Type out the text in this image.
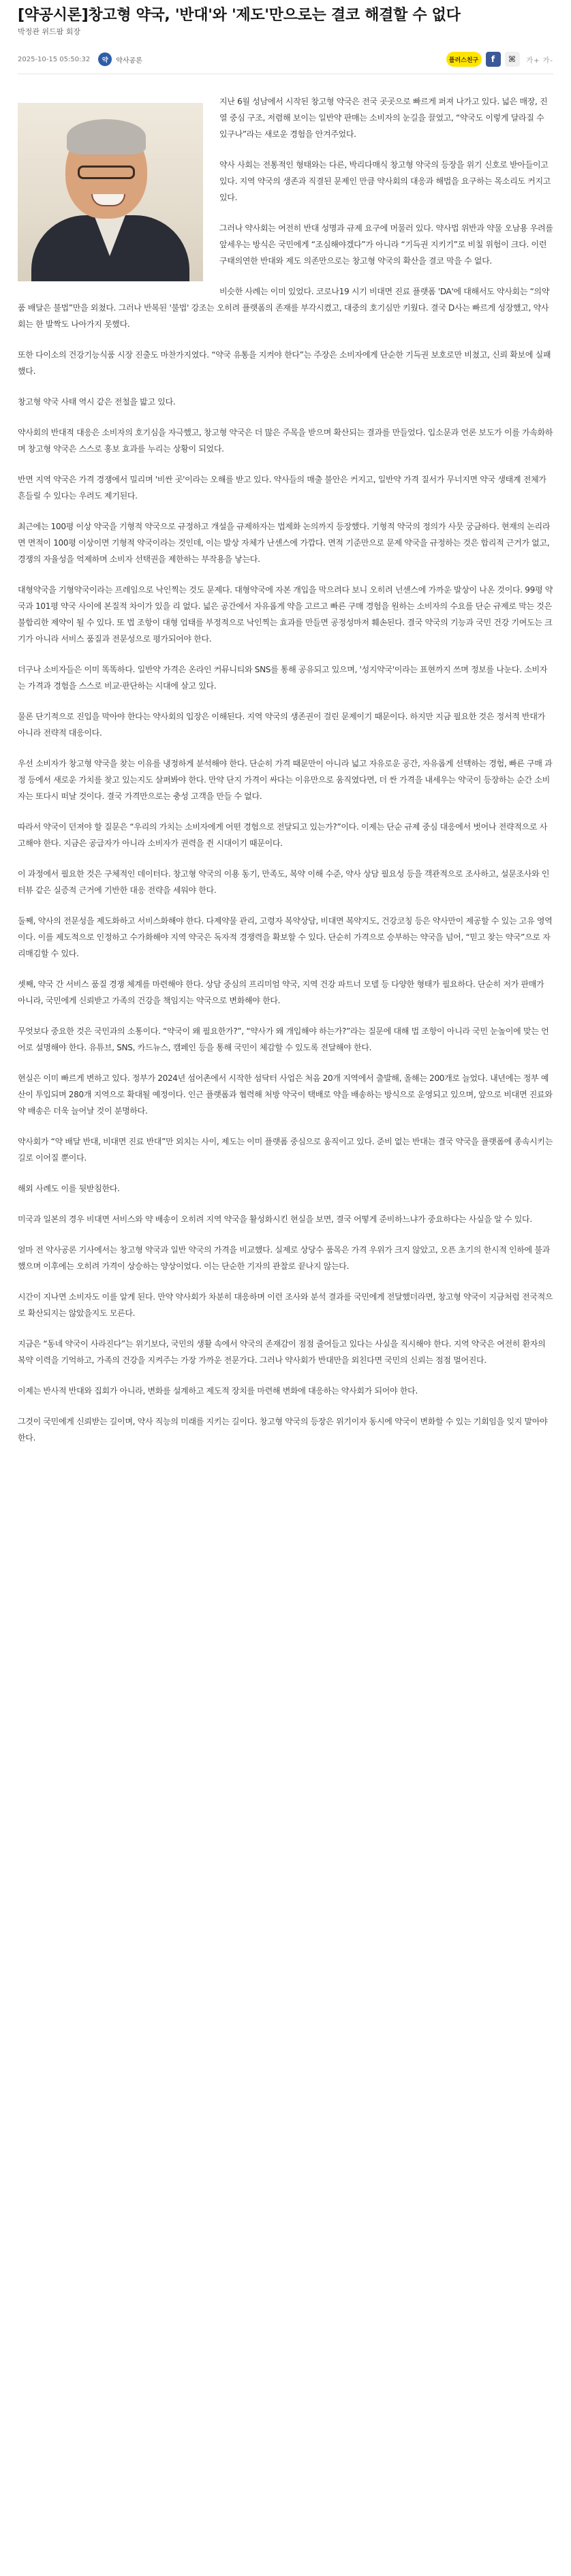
[약공시론]창고형 약국, '반대'와 '제도'만으로는 결코 해결할 수 없다
박정관 위드팜 회장
2025-10-15 05:50:32	약	약사공론	플러스친구	f	⌘	가+ 가-

지난 6월 성남에서 시작된 창고형 약국은 전국 곳곳으로 빠르게 퍼져 나가고 있다. 넓은 매장, 진열 중심 구조, 저렴해 보이는 일반약 판매는 소비자의 눈길을 끌었고, “약국도 이렇게 달라질 수 있구나”라는 새로운 경험을 안겨주었다.

약사 사회는 전통적인 형태와는 다른, 박리다매식 창고형 약국의 등장을 위기 신호로 받아들이고 있다. 지역 약국의 생존과 직결된 문제인 만큼 약사회의 대응과 해법을 요구하는 목소리도 커지고 있다.

그러나 약사회는 여전히 반대 성명과 규제 요구에 머물러 있다. 약사법 위반과 약물 오남용 우려를 앞세우는 방식은 국민에게 “조심해야겠다”가 아니라 “기득권 지키기”로 비칠 위험이 크다. 이런 구태의연한 반대와 제도 의존만으로는 창고형 약국의 확산을 결코 막을 수 없다.

비슷한 사례는 이미 있었다. 코로나19 시기 비대면 진료 플랫폼 'DA'에 대해서도 약사회는 “의약품 배달은 불법”만을 외쳤다. 그러나 반복된 '불법' 강조는 오히려 플랫폼의 존재를 부각시켰고, 대중의 호기심만 키웠다. 결국 D사는 빠르게 성장했고, 약사회는 한 발짝도 나아가지 못했다.

또한 다이소의 건강기능식품 시장 진출도 마찬가지였다. “약국 유통을 지켜야 한다”는 주장은 소비자에게 단순한 기득권 보호로만 비쳤고, 신뢰 확보에 실패했다.

창고형 약국 사태 역시 같은 전철을 밟고 있다.

약사회의 반대적 대응은 소비자의 호기심을 자극했고, 창고형 약국은 더 많은 주목을 받으며 확산되는 결과를 만들었다. 입소문과 언론 보도가 이를 가속화하며 창고형 약국은 스스로 홍보 효과를 누리는 상황이 되었다.

반면 지역 약국은 가격 경쟁에서 밀리며 '비싼 곳'이라는 오해를 받고 있다. 약사들의 매출 불안은 커지고, 일반약 가격 질서가 무너지면 약국 생태계 전체가 흔들릴 수 있다는 우려도 제기된다.

최근에는 100평 이상 약국을 기형적 약국으로 규정하고 개설을 규제하자는 법제화 논의까지 등장했다. 기형적 약국의 정의가 사뭇 궁금하다. 현재의 논리라면 면적이 100평 이상이면 기형적 약국이라는 것인데, 이는 발상 자체가 난센스에 가깝다. 면적 기준만으로 문제 약국을 규정하는 것은 합리적 근거가 없고, 경쟁의 자율성을 억제하며 소비자 선택권을 제한하는 부작용을 낳는다.

대형약국을 기형약국이라는 프레임으로 낙인찍는 것도 문제다. 대형약국에 자본 개입을 막으려다 보니 오히려 넌센스에 가까운 발상이 나온 것이다. 99평 약국과 101평 약국 사이에 본질적 차이가 있을 리 없다. 넓은 공간에서 자유롭게 약을 고르고 빠른 구매 경험을 원하는 소비자의 수요를 단순 규제로 막는 것은 불합리한 제약이 될 수 있다. 또 법 조항이 대형 업태를 부정적으로 낙인찍는 효과를 만들면 공정성마저 훼손된다. 결국 약국의 기능과 국민 건강 기여도는 크기가 아니라 서비스 품질과 전문성으로 평가되어야 한다.

더구나 소비자들은 이미 똑똑하다. 일반약 가격은 온라인 커뮤니티와 SNS를 통해 공유되고 있으며, '성지약국'이라는 표현까지 쓰며 정보를 나눈다. 소비자는 가격과 경험을 스스로 비교·판단하는 시대에 살고 있다.

물론 단기적으로 진입을 막아야 한다는 약사회의 입장은 이해된다. 지역 약국의 생존권이 걸린 문제이기 때문이다. 하지만 지금 필요한 것은 정서적 반대가 아니라 전략적 대응이다.

우선 소비자가 창고형 약국을 찾는 이유를 냉정하게 분석해야 한다. 단순히 가격 때문만이 아니라 넓고 자유로운 공간, 자유롭게 선택하는 경험, 빠른 구매 과정 등에서 새로운 가치를 찾고 있는지도 살펴봐야 한다. 만약 단지 가격이 싸다는 이유만으로 움직였다면, 더 싼 가격을 내세우는 약국이 등장하는 순간 소비자는 또다시 떠날 것이다. 결국 가격만으로는 충성 고객을 만들 수 없다.

따라서 약국이 던져야 할 질문은 “우리의 가치는 소비자에게 어떤 경험으로 전달되고 있는가?”이다. 이제는 단순 규제 중심 대응에서 벗어나 전략적으로 사고해야 한다. 지금은 공급자가 아니라 소비자가 권력을 쥔 시대이기 때문이다.

이 과정에서 필요한 것은 구체적인 데이터다. 창고형 약국의 이용 동기, 만족도, 복약 이해 수준, 약사 상담 필요성 등을 객관적으로 조사하고, 설문조사와 인터뷰 같은 실증적 근거에 기반한 대응 전략을 세워야 한다.

둘째, 약사의 전문성을 제도화하고 서비스화해야 한다. 다제약물 관리, 고령자 복약상담, 비대면 복약지도, 건강코칭 등은 약사만이 제공할 수 있는 고유 영역이다. 이를 제도적으로 인정하고 수가화해야 지역 약국은 독자적 경쟁력을 확보할 수 있다. 단순히 가격으로 승부하는 약국을 넘어, “믿고 찾는 약국”으로 자리매김할 수 있다.

셋째, 약국 간 서비스 품질 경쟁 체계를 마련해야 한다. 상담 중심의 프리미엄 약국, 지역 건강 파트너 모델 등 다양한 형태가 필요하다. 단순히 저가 판매가 아니라, 국민에게 신뢰받고 가족의 건강을 책임지는 약국으로 변화해야 한다.

무엇보다 중요한 것은 국민과의 소통이다. “약국이 왜 필요한가?”, “약사가 왜 개입해야 하는가?”라는 질문에 대해 법 조항이 아니라 국민 눈높이에 맞는 언어로 설명해야 한다. 유튜브, SNS, 카드뉴스, 캠페인 등을 통해 국민이 체감할 수 있도록 전달해야 한다.

현실은 이미 빠르게 변하고 있다. 정부가 2024년 섬어촌에서 시작한 섬닥터 사업은 처음 20개 지역에서 출발해, 올해는 200개로 늘었다. 내년에는 정부 예산이 투입되며 280개 지역으로 확대될 예정이다. 인근 플랫폼과 협력해 처방 약국이 택배로 약을 배송하는 방식으로 운영되고 있으며, 앞으로 비대면 진료와 약 배송은 더욱 늘어날 것이 분명하다.

약사회가 “약 배달 반대, 비대면 진료 반대”만 외치는 사이, 제도는 이미 플랫폼 중심으로 움직이고 있다. 준비 없는 반대는 결국 약국을 플랫폼에 종속시키는 길로 이어질 뿐이다.

해외 사례도 이를 뒷받침한다.

미국과 일본의 경우 비대면 서비스와 약 배송이 오히려 지역 약국을 활성화시킨 현실을 보면, 결국 어떻게 준비하느냐가 중요하다는 사실을 알 수 있다.

얼마 전 약사공론 기사에서는 창고형 약국과 일반 약국의 가격을 비교했다. 실제로 상당수 품목은 가격 우위가 크지 않았고, 오픈 초기의 한시적 인하에 불과했으며 이후에는 오히려 가격이 상승하는 양상이었다. 이는 단순한 기자의 관찰로 끝나지 않는다.

시간이 지나면 소비자도 이를 알게 된다. 만약 약사회가 차분히 대응하며 이런 조사와 분석 결과를 국민에게 전달했더라면, 창고형 약국이 지금처럼 전국적으로 확산되지는 않았을지도 모른다.

지금은 “동네 약국이 사라진다”는 위기보다, 국민의 생활 속에서 약국의 존재감이 점점 줄어들고 있다는 사실을 직시해야 한다. 지역 약국은 여전히 환자의 복약 이력을 기억하고, 가족의 건강을 지켜주는 가장 가까운 전문가다. 그러나 약사회가 반대만을 외친다면 국민의 신뢰는 점점 멀어진다.

이제는 반사적 반대와 집회가 아니라, 변화를 설계하고 제도적 장치를 마련해 변화에 대응하는 약사회가 되어야 한다.

그것이 국민에게 신뢰받는 길이며, 약사 직능의 미래를 지키는 길이다. 창고형 약국의 등장은 위기이자 동시에 약국이 변화할 수 있는 기회임을 잊지 말아야 한다.
